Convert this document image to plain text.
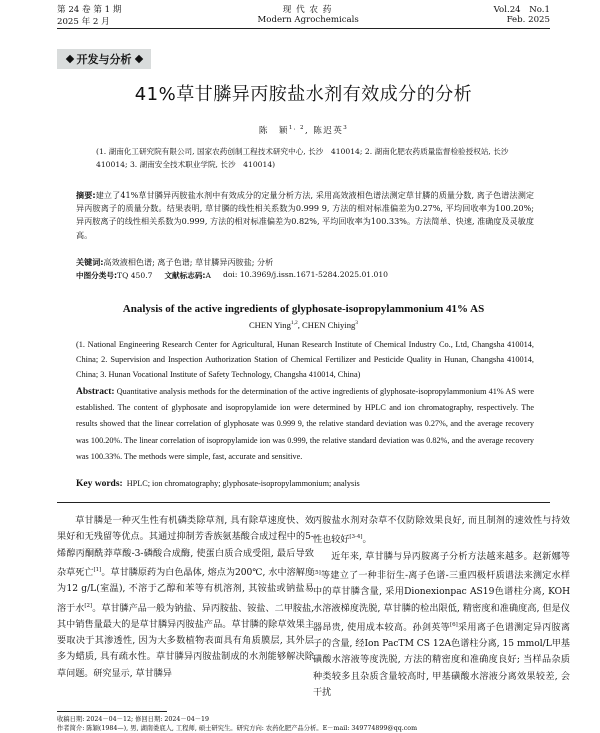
第 24 卷 第 1 期	现 代 农 药	Vol.24　No.1
2025 年 2 月	Modern Agrochemicals	Feb. 2025
开发与分析
41%草甘膦异丙胺盐水剂有效成分的分析
陈　颖$^{1, 2}$, 陈迟英$^3$
(1. 湖南化工研究院有限公司, 国家农药创制工程技术研究中心, 长沙　410014; 2. 湖南化肥农药质量监督检验授权站, 长沙　410014; 3. 湖南安全技术职业学院, 长沙　410014)
摘要:建立了41%草甘膦异丙胺盐水剂中有效成分的定量分析方法, 采用高效液相色谱法测定草甘膦的质量分数, 离子色谱法测定异丙胺离子的质量分数。结果表明, 草甘膦的线性相关系数为0.999 9, 方法的相对标准偏差为0.27%, 平均回收率为100.20%; 异丙胺离子的线性相关系数为0.999, 方法的相对标准偏差为0.82%, 平均回收率为100.33%。方法简单、快速, 准确度及灵敏度高。
关键词:高效液相色谱; 离子色谱; 草甘膦异丙胺盐; 分析
中图分类号:TQ 450.7 文献标志码:A doi: 10.3969/j.issn.1671-5284.2025.01.010
Analysis of the active ingredients of glyphosate-isopropylammonium 41% AS
CHEN Ying$^{1,2}$, CHEN Chiying$^3$
(1. National Engineering Research Center for Agricultural, Hunan Research Institute of Chemical Industry Co., Ltd, Changsha 410014, China; 2. Supervision and Inspection Authorization Station of Chemical Fertilizer and Pesticide Quality in Hunan, Changsha 410014, China; 3. Hunan Vocational Institute of Safety Technology, Changsha 410014, China)
Abstract: Quantitative analysis methods for the determination of the active ingredients of glyphosate-isopropylammonium 41% AS were established. The content of glyphosate and isopropylamide ion were determined by HPLC and ion chromatography, respectively. The results showed that the linear correlation of glyphosate was 0.999 9, the relative standard deviation was 0.27%, and the average recovery was 100.20%. The linear correlation of isopropylamide ion was 0.999, the relative standard deviation was 0.82%, and the average recovery was 100.33%. The methods were simple, fast, accurate and sensitive.
Key words: HPLC; ion chromatography; glyphosate-isopropylammonium; analysis

草甘膦是一种灭生性有机磷类除草剂, 具有除草速度快、效果好和无残留等优点。其通过抑制芳香族氨基酸合成过程中的5-烯醇丙酮酰莽草酸-3-磷酸合成酶, 使蛋白质合成受阻, 最后导致杂草死亡[1]。草甘膦原药为白色晶体, 熔点为200℃, 水中溶解度为12 g/L(室温), 不溶于乙醇和苯等有机溶剂, 其铵盐或钠盐易溶于水[2]。草甘膦产品一般为钠盐、异丙胺盐、铵盐、二甲胺盐, 其中销售量最大的是草甘膦异丙胺盐产品。草甘膦的除草效果主要取决于其渗透性, 因为大多数植物表面具有角质膜层, 其外层多为蜡质, 具有疏水性。草甘膦异丙胺盐制成的水剂能够解决除草问题。研究显示, 草甘膦异

丙胺盐水剂对杂草不仅防除效果良好, 而且制剂的速效性与持效性也较好[3-4]。

近年来, 草甘膦与异丙胺离子分析方法越来越多。赵新娜等[5]等建立了一种非衍生-离子色谱-三重四极杆质谱法来测定水样中的草甘膦含量, 采用Dionexionpac AS19色谱柱分离, KOH水溶液梯度洗脱, 草甘膦的检出限低, 精密度和准确度高, 但是仪器昂贵, 使用成本较高。孙剑英等[6]采用离子色谱测定异丙胺离子的含量, 经Ion PacTM CS 12A色谱柱分离, 15 mmol/L甲基磺酸水溶液等度洗脱, 方法的精密度和准确度良好; 当样品杂质种类较多且杂质含量较高时, 甲基磺酸水溶液分离效果较差, 会干扰

收稿日期: 2024－04－12; 修回日期: 2024－04－19
作者简介: 陈颖(1984—), 男, 湖南娄底人, 工程师, 硕士研究生。研究方向: 农药化肥产品分析。E－mail: 349774899@qq.com
